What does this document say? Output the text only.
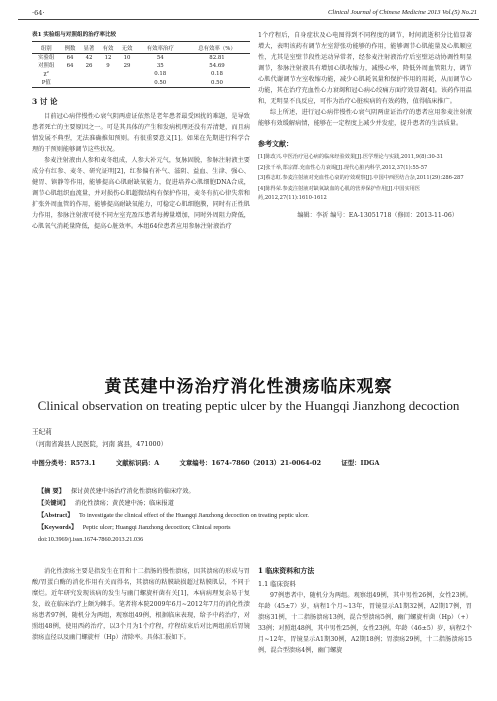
·64·	Clinical Journal of Chinese Medicine 2013 Vol.(5) No.21
表1 实验组与对照组的治疗率比较
组别	例数	显著	有效	无效	有效率治疗	总有效率（%）
实验组	64	42	12	10	54	82.81
对照组	64	26	9	29	35	54.69
χ²					0.18	0.18
P值					0.50	0.50
3 讨 论

目前冠心病伴慢性心衰气阴两虚证依然是老年患者最受困扰的难题，是导致患者死亡的主要原因之一。可是其具体的产生和发病机理还没有弄清楚，而且病情发展不典型，无法准确推知预则。有很重要意义[1]。如果在先期进行科学合理的干预则能够调节这些状况。

参麦注射液由人参和麦冬组成，人参大补元气，复脉固脱，参脉注射液主要成分有红参、麦冬、研究证明[2]，红参偏有补气、滋阴、益血、生津、强心、健胃、镇静等作用，能够提高心肌耐缺氧能力，促进培养心肌细胞DNA合成，调节心肌组织血流量，并对损伤心肌超微结构有保护作用，麦冬有抗心律失常和扩张外周血管的作用，能够提高耐缺氧能力，可稳定心肌细胞膜，同时有正性肌力作用，参脉注射液可使不同左室充盈压患者每搏量增加，同时外周阻力降低，心肌氧气消耗量降低，提高心脏效率。本组64位患者应用参脉注射液治疗

1个疗程后，自身症状及心电图得到不同程度的调节，时间流逝积分比值显著增大，表明该药有调节左室舒张功能够的作用，能够调节心肌能量及心肌顺应性，尤其是室壁节段性运动异常者，经参麦注射液治疗后室壁运动协调性明显调节，参脉注射液具有增加心肌收缩力，减慢心率，降低外周血管阻力，调节心肌代谢调节左室收缩功能，减少心肌耗氧量和保护作用的用耗，从而调节心功能，其在治疗充血性心力衰竭和冠心病心绞痛方面疗效显著[4]。该药作用温和，无明显不良反应，可作为治疗心脏疾病的有效药物，值得临床推广。

综上所述，进行冠心病伴慢性心衰气阴两虚证治疗的患者应用参麦注射液能够有效缓解病情，能够在一定程度上减少并发症，提升患者的生活质量。

参考文献：
[1]陈改兴.中医治疗冠心病的临床经验效果[J].医学理论与实践,2011,9(8):30-31
[2]张千举,郑宗群.充血性心力衰竭[J].现代心脏内科学,2012,37(1):55-57
[3]蔡志虹.参麦注射液对充血性心衰的疗效观察[J].中国中西医结合杂,2011(29):286-287
[4]陈得荣.参麦注射液对缺氧缺血的心肌的营养保护作用[J].中国实用医药,2012,27(11):1610-1612
编辑：李祈 编号：EA-13051718（修回：2013-11-06）
黄芪建中汤治疗消化性溃疡临床观察
Clinical observation on treating peptic ulcer by the Huangqi Jianzhong decoction
王纪莉
（河南省嵩县人民医院，河南 嵩县，471000）
中图分类号：R573.1	文献标识码：A	文章编号：1674-7860（2013）21-0064-02	证型：IDGA
【摘 要】 探讨黄芪建中汤治疗消化性溃疡的临床疗效。
【关键词】 消化性溃疡；黄芪建中汤；临床报道
【Abstract】 To investigate the clinical effect of the Huangqi Jianzhong decoction on treating peptic ulcer.
【Keywords】 Peptic ulcer; Huangqi Jianzhong decoction; Clinical reports
doi:10.3969/j.issn.1674-7860.2013.21.036

消化性溃疡主要是指发生在胃和十二指肠的慢性溃疡，因其溃疡的形成与胃酸/胃蛋白酶的消化作用有关而得名，其溃疡的粘膜缺损超过粘膜肌层，不同于糜烂。近年研究发现该病的发生与幽门螺旋杆菌有关[1]，本病病理复杂易于复发，故在临床治疗上颇为棘手。笔者将本院2009年6月~2012年7月的消化性溃疡患者97例，随机分为两组，观察组49例，根据临床表现，给予中药治疗，对照组48例，使用西药治疗，以3个月为1个疗程，疗程结束后对比两组前后胃镜溃疡直径以及幽门螺旋杆（Hp）清除率。具体汇报如下。

1 临床资料和方法
1.1 临床资料

97例患者中，随机分为两组。观察组49例，其中男性26例，女性23例。年龄（45±7）岁，病程1个月~13年，胃镜显示A1期32例，A2期17例，胃溃疡31例，十二指肠溃疡13例，混合型溃疡5例，幽门螺旋杆菌（Hp）（+）33例；对照组48例，其中男性25例，女性23例。年龄（46±5）岁，病程2个月~12年，胃镜显示A1期30例，A2期18例；胃溃疡29例，十二指肠溃疡15例，混合型溃疡4例，幽门螺旋
